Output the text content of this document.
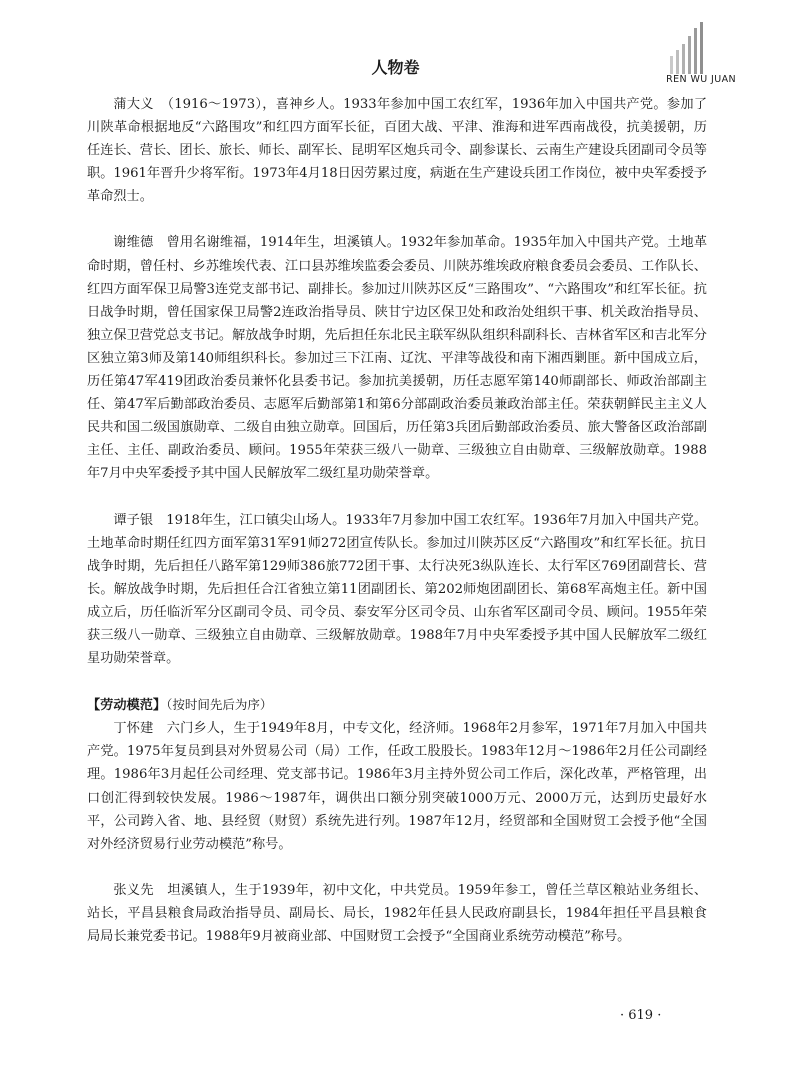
人物卷
REN WU JUAN

蒲大义　 （1916～1973），喜神乡人。1933年参加中国工农红军，1936年加入中国共产党。参加了川陕革命根据地反“六路围攻”和红四方面军长征，百团大战、平津、淮海和进军西南战役，抗美援朝，历任连长、营长、团长、旅长、师长、副军长、昆明军区炮兵司令、副参谋长、云南生产建设兵团副司令员等职。1961年晋升少将军衔。1973年4月18日因劳累过度，病逝在生产建设兵团工作岗位，被中央军委授予革命烈士。

谢维德　 曾用名谢维福，1914年生，坦溪镇人。1932年参加革命。1935年加入中国共产党。土地革命时期，曾任村、乡苏维埃代表、江口县苏维埃监委会委员、川陕苏维埃政府粮食委员会委员、工作队长、红四方面军保卫局警3连党支部书记、副排长。参加过川陕苏区反“三路围攻”、“六路围攻”和红军长征。抗日战争时期，曾任国家保卫局警2连政治指导员、陕甘宁边区保卫处和政治处组织干事、机关政治指导员、独立保卫营党总支书记。解放战争时期，先后担任东北民主联军纵队组织科副科长、吉林省军区和吉北军分区独立第3师及第140师组织科长。参加过三下江南、辽沈、平津等战役和南下湘西剿匪。新中国成立后，历任第47军419团政治委员兼怀化县委书记。参加抗美援朝，历任志愿军第140师副部长、师政治部副主任、第47军后勤部政治委员、志愿军后勤部第1和第6分部副政治委员兼政治部主任。荣获朝鲜民主主义人民共和国二级国旗勋章、二级自由独立勋章。回国后，历任第3兵团后勤部政治委员、旅大警备区政治部副主任、主任、副政治委员、顾问。1955年荣获三级八一勋章、三级独立自由勋章、三级解放勋章。1988年7月中央军委授予其中国人民解放军二级红星功勋荣誉章。

谭子银　 1918年生，江口镇尖山场人。1933年7月参加中国工农红军。1936年7月加入中国共产党。土地革命时期任红四方面军第31军91师272团宣传队长。参加过川陕苏区反“六路围攻”和红军长征。抗日战争时期，先后担任八路军第129师386旅772团干事、太行决死3纵队连长、太行军区769团副营长、营长。解放战争时期，先后担任合江省独立第11团副团长、第202师炮团副团长、第68军高炮主任。新中国成立后，历任临沂军分区副司令员、司令员、泰安军分区司令员、山东省军区副司令员、顾问。1955年荣获三级八一勋章、三级独立自由勋章、三级解放勋章。1988年7月中央军委授予其中国人民解放军二级红星功勋荣誉章。

【劳动模范】（按时间先后为序）

丁怀建　 六门乡人，生于1949年8月，中专文化，经济师。1968年2月参军，1971年7月加入中国共产党。1975年复员到县对外贸易公司（局）工作，任政工股股长。1983年12月～1986年2月任公司副经理。1986年3月起任公司经理、党支部书记。1986年3月主持外贸公司工作后，深化改革，严格管理，出口创汇得到较快发展。1986～1987年，调供出口额分别突破1000万元、2000万元，达到历史最好水平，公司跨入省、地、县经贸（财贸）系统先进行列。1987年12月，经贸部和全国财贸工会授予他“全国对外经济贸易行业劳动模范”称号。

张义先　 坦溪镇人，生于1939年，初中文化，中共党员。1959年参工，曾任兰草区粮站业务组长、站长，平昌县粮食局政治指导员、副局长、局长，1982年任县人民政府副县长，1984年担任平昌县粮食局局长兼党委书记。1988年9月被商业部、中国财贸工会授予“全国商业系统劳动模范”称号。

· 619 ·
